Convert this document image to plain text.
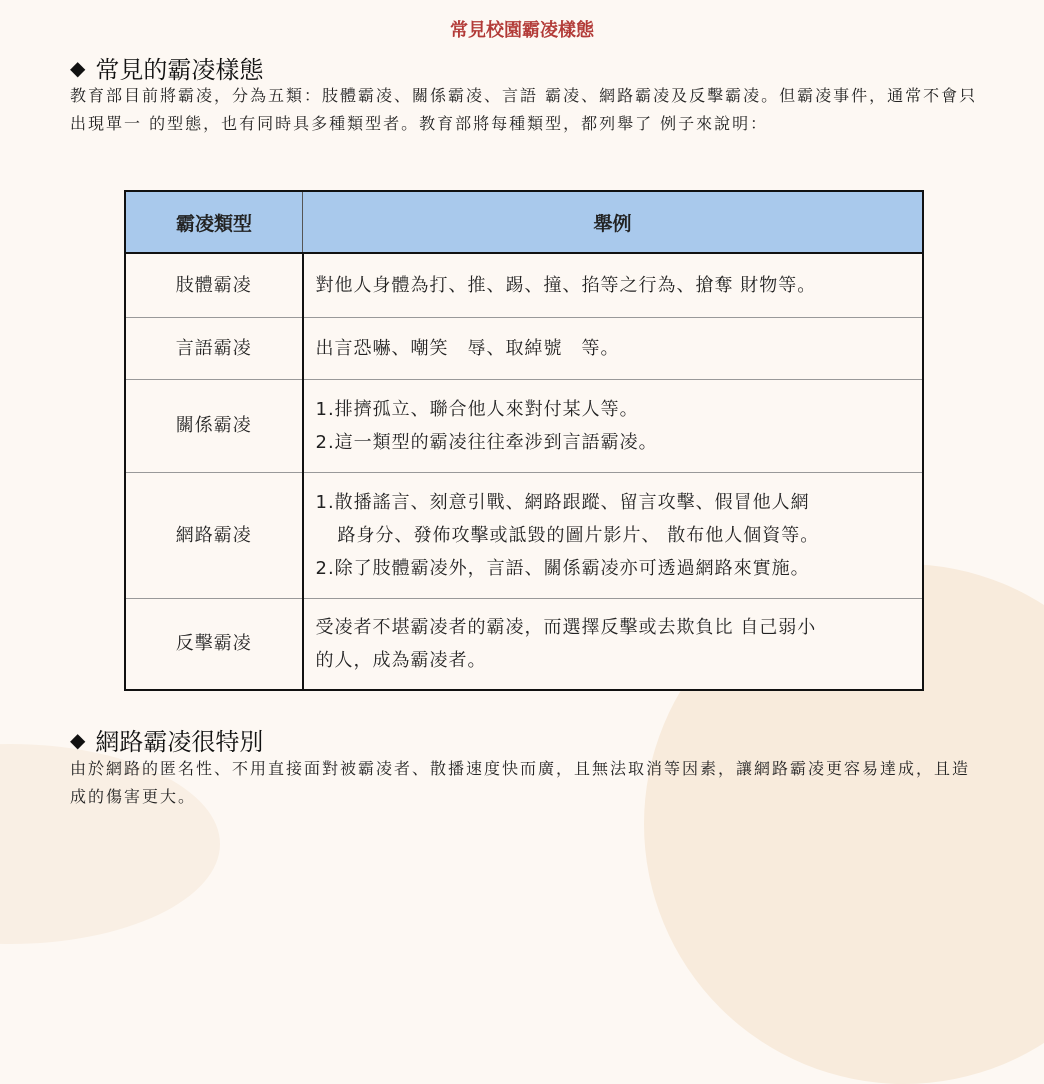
常見校園霸凌樣態
◆ 常見的霸凌樣態
教育部目前將霸凌，分為五類：肢體霸凌、關係霸凌、言語 霸凌、網路霸凌及反擊霸凌。但霸凌事件，通常不會只出現單一 的型態，也有同時具多種類型者。教育部將每種類型，都列舉了 例子來說明：
霸凌類型	舉例
肢體霸凌	對他人身體為打、推、踢、撞、掐等之行為、搶奪 財物等。
言語霸凌	出言恐嚇、嘲笑　辱、取綽號　等。
關係霸凌	1.排擠孤立、聯合他人來對付某人等。
2.這一類型的霸凌往往牽涉到言語霸凌。

網路霸凌	1.散播謠言、刻意引戰、網路跟蹤、留言攻擊、假冒他人網
路身分、發佈攻擊或詆毀的圖片影片、 散布他人個資等。
2.除了肢體霸凌外，言語、關係霸凌亦可透過網路來實施。

反擊霸凌	受凌者不堪霸凌者的霸凌，而選擇反擊或去欺負比 自己弱小
的人，成為霸凌者。
◆ 網路霸凌很特別
由於網路的匿名性、不用直接面對被霸凌者、散播速度快而廣，且無法取消等因素，讓網路霸凌更容易達成，且造成的傷害更大。
